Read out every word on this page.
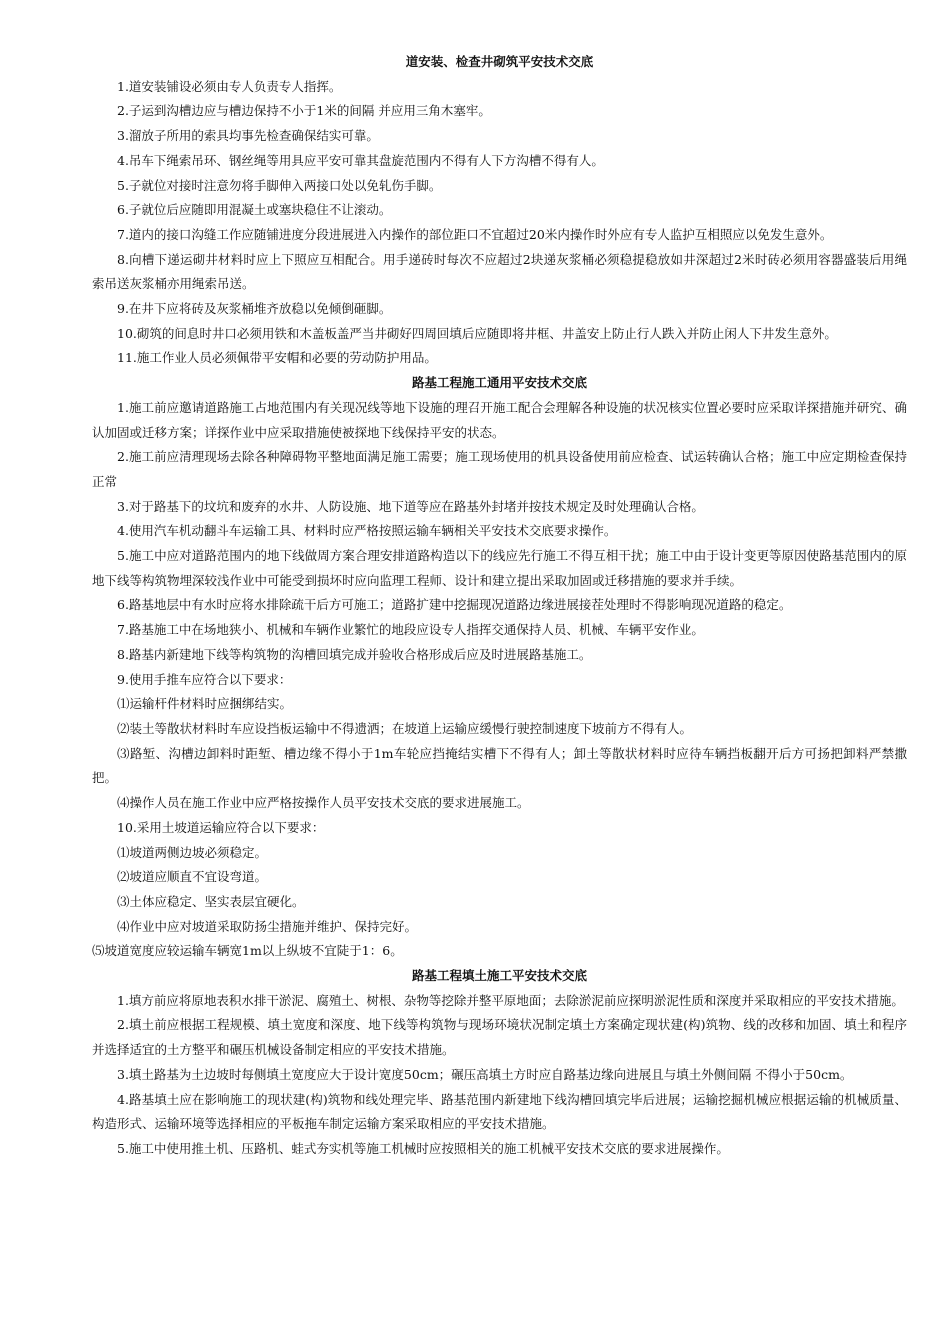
道安装、检查井砌筑平安技术交底

1.道安装铺设必须由专人负责专人指挥。

2.子运到沟槽边应与槽边保持不小于1米的间隔 并应用三角木塞牢。

3.溜放子所用的索具均事先检查确保结实可靠。

4.吊车下绳索吊环、钢丝绳等用具应平安可靠其盘旋范围内不得有人下方沟槽不得有人。

5.子就位对接时注意勿将手脚伸入两接口处以免轧伤手脚。

6.子就位后应随即用混凝土或塞块稳住不让滚动。

7.道内的接口沟缝工作应随铺进度分段进展进入内操作的部位距口不宜超过20米内操作时外应有专人监护互相照应以免发生意外。

8.向槽下递运砌井材料时应上下照应互相配合。用手递砖时每次不应超过2块递灰浆桶必须稳提稳放如井深超过2米时砖必须用容器盛装后用绳索吊送灰浆桶亦用绳索吊送。

9.在井下应将砖及灰浆桶堆齐放稳以免倾倒砸脚。

10.砌筑的间息时井口必须用铁和木盖板盖严当井砌好四周回填后应随即将井框、井盖安上防止行人跌入并防止闲人下井发生意外。

11.施工作业人员必须佩带平安帽和必要的劳动防护用品。

路基工程施工通用平安技术交底

1.施工前应邀请道路施工占地范围内有关现况线等地下设施的理召开施工配合会理解各种设施的状况核实位置必要时应采取详探措施并研究、确认加固或迁移方案；详探作业中应采取措施使被探地下线保持平安的状态。

2.施工前应清理现场去除各种障碍物平整地面满足施工需要；施工现场使用的机具设备使用前应检查、试运转确认合格；施工中应定期检查保持正常

3.对于路基下的坟坑和废弃的水井、人防设施、地下道等应在路基外封堵并按技术规定及时处理确认合格。

4.使用汽车机动翻斗车运输工具、材料时应严格按照运输车辆相关平安技术交底要求操作。

5.施工中应对道路范围内的地下线做周方案合理安排道路构造以下的线应先行施工不得互相干扰；施工中由于设计变更等原因使路基范围内的原地下线等构筑物埋深较浅作业中可能受到损坏时应向监理工程师、设计和建立提出采取加固或迁移措施的要求并手续。

6.路基地层中有水时应将水排除疏干后方可施工；道路扩建中挖掘现况道路边缘进展接茬处理时不得影响现况道路的稳定。

7.路基施工中在场地狭小、机械和车辆作业繁忙的地段应设专人指挥交通保持人员、机械、车辆平安作业。

8.路基内新建地下线等构筑物的沟槽回填完成并验收合格形成后应及时进展路基施工。

9.使用手推车应符合以下要求：

⑴运输杆件材料时应捆绑结实。

⑵装土等散状材料时车应设挡板运输中不得遗洒；在坡道上运输应缓慢行驶控制速度下坡前方不得有人。

⑶路堑、沟槽边卸料时距堑、槽边缘不得小于1m车轮应挡掩结实槽下不得有人；卸土等散状材料时应待车辆挡板翻开后方可扬把卸料严禁撒把。

⑷操作人员在施工作业中应严格按操作人员平安技术交底的要求进展施工。

10.采用土坡道运输应符合以下要求：

⑴坡道两侧边坡必须稳定。

⑵坡道应顺直不宜设弯道。

⑶土体应稳定、坚实表层宜硬化。

⑷作业中应对坡道采取防扬尘措施并维护、保持完好。

⑸坡道宽度应较运输车辆宽1m以上纵坡不宜陡于1：6。

路基工程填土施工平安技术交底

1.填方前应将原地表积水排干淤泥、腐殖土、树根、杂物等挖除并整平原地面；去除淤泥前应探明淤泥性质和深度并采取相应的平安技术措施。

2.填土前应根据工程规模、填土宽度和深度、地下线等构筑物与现场环境状况制定填土方案确定现状建(构)筑物、线的改移和加固、填土和程序并选择适宜的土方整平和碾压机械设备制定相应的平安技术措施。

3.填土路基为土边坡时每侧填土宽度应大于设计宽度50cm；碾压高填土方时应自路基边缘向进展且与填土外侧间隔 不得小于50cm。

4.路基填土应在影响施工的现状建(构)筑物和线处理完毕、路基范围内新建地下线沟槽回填完毕后进展；运输挖掘机械应根据运输的机械质量、构造形式、运输环境等选择相应的平板拖车制定运输方案采取相应的平安技术措施。

5.施工中使用推土机、压路机、蛙式夯实机等施工机械时应按照相关的施工机械平安技术交底的要求进展操作。
